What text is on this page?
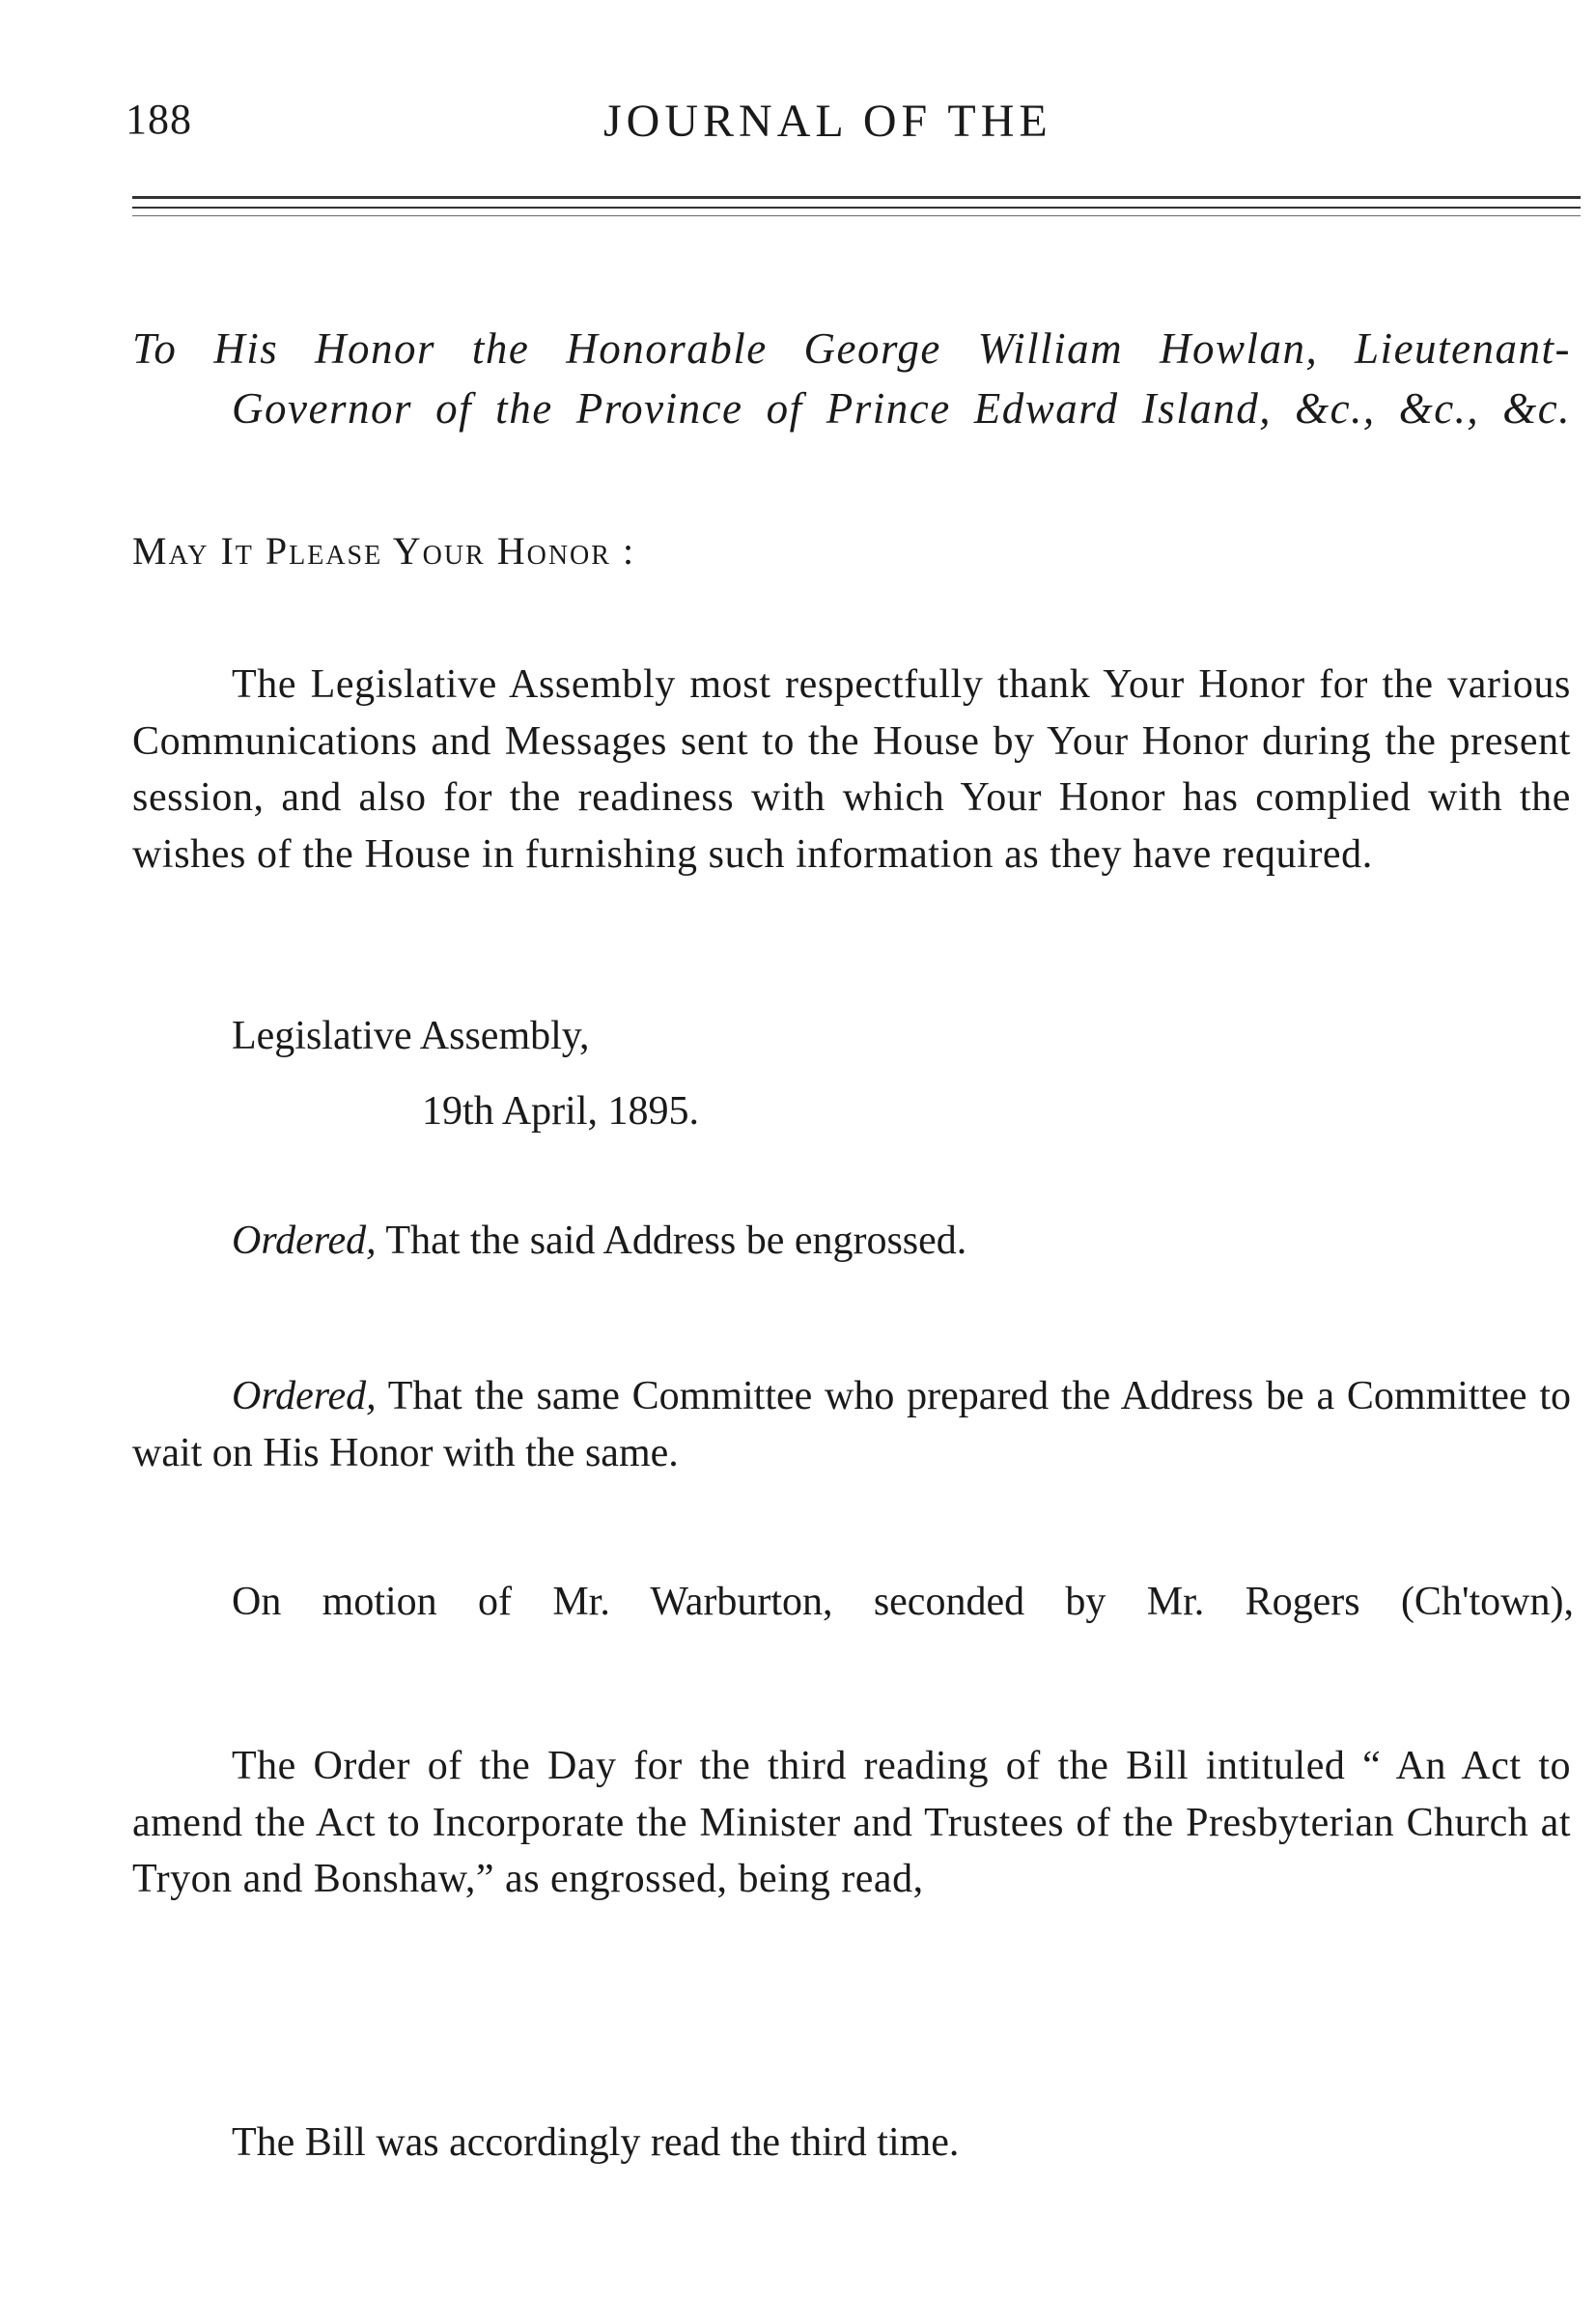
188	JOURNAL OF THE
To His Honor the Honorable George William Howlan, Lieutenant-
Governor of the Province of Prince Edward Island, &c., &c., &c.
May It Please Your Honor :
The Legislative Assembly most respectfully thank Your Honor for the various Communications and Messages sent to the House by Your Honor during the present session, and also for the readiness with which Your Honor has complied with the wishes of the House in furnishing such information as they have required.
Legislative Assembly,
19th April, 1895.
Ordered, That the said Address be engrossed.
Ordered, That the same Committee who prepared the Address be a Committee to wait on His Honor with the same.
On motion of Mr. Warburton, seconded by Mr. Rogers (Ch'town),
The Order of the Day for the third reading of the Bill intituled “ An Act to amend the Act to Incorporate the Minister and Trustees of the Presbyterian Church at Tryon and Bonshaw,” as engrossed, being read,
The Bill was accordingly read the third time.
